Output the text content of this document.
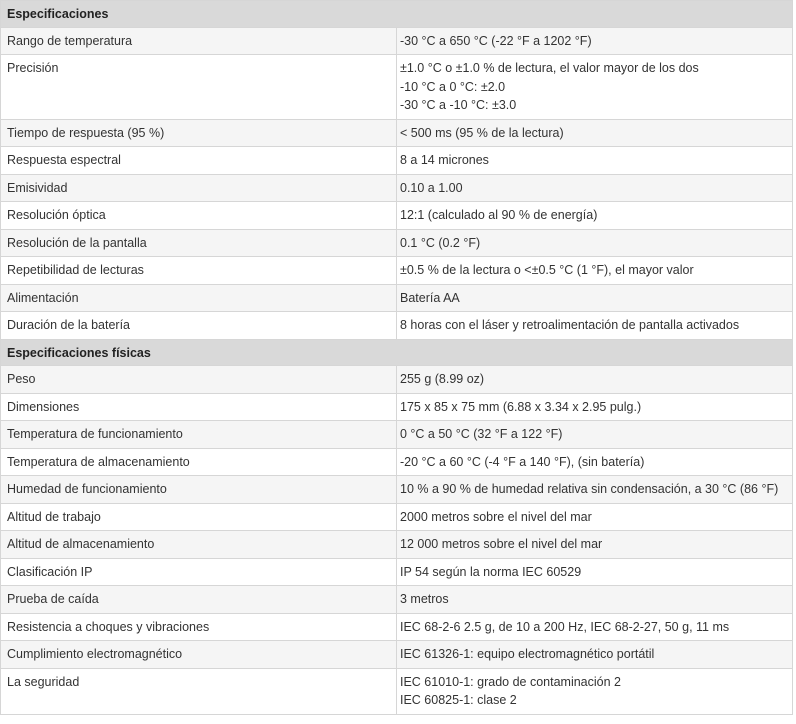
Especificaciones	
Rango de temperatura	-30 °C a 650 °C (-22 °F a 1202 °F)

Precisión	±1.0 °C o ±1.0 % de lectura, el valor mayor de los dos
-10 °C a 0 °C: ±2.0
-30 °C a -10 °C: ±3.0

Tiempo de respuesta (95 %)	< 500 ms (95 % de la lectura)

Respuesta espectral	8 a 14 micrones

Emisividad	0.10 a 1.00

Resolución óptica	12:1 (calculado al 90 % de energía)

Resolución de la pantalla	0.1 °C (0.2 °F)

Repetibilidad de lecturas	±0.5 % de la lectura o <±0.5 °C (1 °F), el mayor valor

Alimentación	Batería AA

Duración de la batería	8 horas con el láser y retroalimentación de pantalla activados

Especificaciones físicas	
Peso	255 g (8.99 oz)

Dimensiones	175 x 85 x 75 mm (6.88 x 3.34 x 2.95 pulg.)

Temperatura de funcionamiento	0 °C a 50 °C (32 °F a 122 °F)

Temperatura de almacenamiento	-20 °C a 60 °C (-4 °F a 140 °F), (sin batería)

Humedad de funcionamiento	10 % a 90 % de humedad relativa sin condensación, a 30 °C (86 °F)

Altitud de trabajo	2000 metros sobre el nivel del mar

Altitud de almacenamiento	12 000 metros sobre el nivel del mar

Clasificación IP	IP 54 según la norma IEC 60529

Prueba de caída	3 metros

Resistencia a choques y vibraciones	IEC 68-2-6 2.5 g, de 10 a 200 Hz, IEC 68-2-27, 50 g, 11 ms

Cumplimiento electromagnético	IEC 61326-1: equipo electromagnético portátil

La seguridad	IEC 61010-1: grado de contaminación 2
IEC 60825-1: clase 2
